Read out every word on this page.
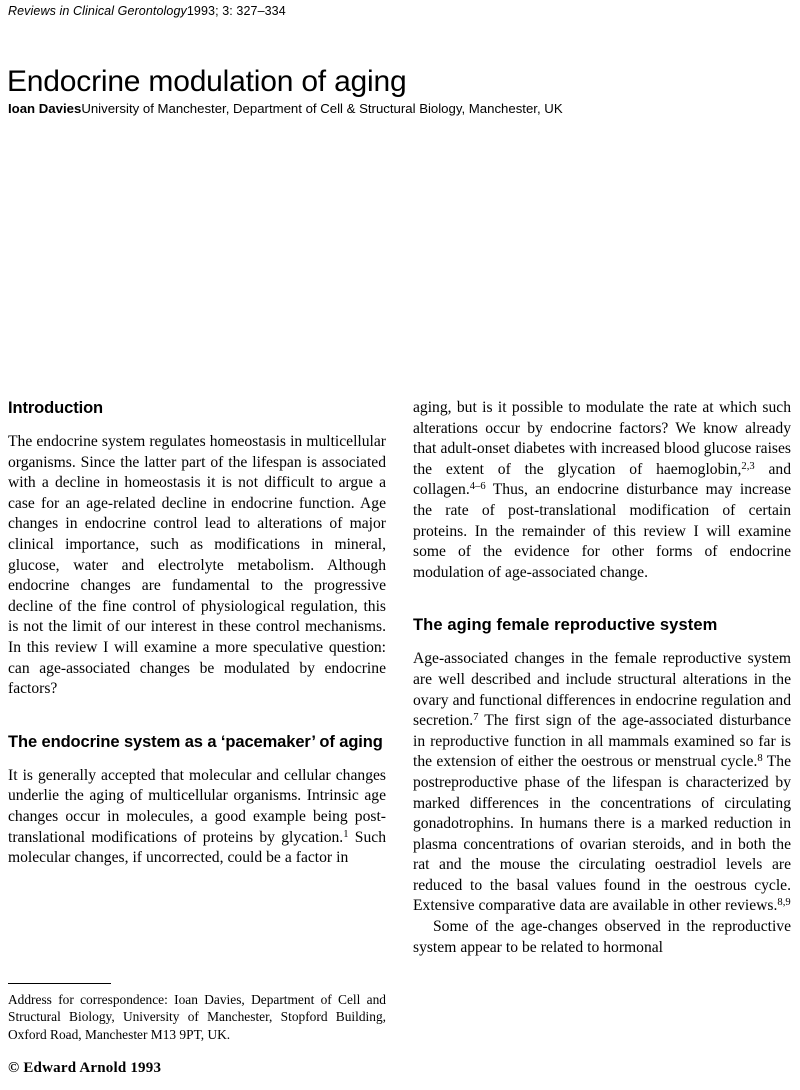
Reviews in Clinical Gerontology1993; 3: 327–334
Endocrine modulation of aging
Ioan DaviesUniversity of Manchester, Department of Cell & Structural Biology, Manchester, UK
Introduction

The endocrine system regulates homeostasis in multicellular organisms. Since the latter part of the lifespan is associated with a decline in homeostasis it is not difficult to argue a case for an age-related decline in endocrine function. Age changes in endocrine control lead to alterations of major clinical importance, such as modifications in mineral, glucose, water and electrolyte metabolism. Although endocrine changes are fundamental to the progressive decline of the fine control of physiological regulation, this is not the limit of our interest in these control mechanisms. In this review I will examine a more speculative question: can age-associated changes be modulated by endocrine factors?

The endocrine system as a ‘pacemaker’ of aging

It is generally accepted that molecular and cellular changes underlie the aging of multicellular organisms. Intrinsic age changes occur in molecules, a good example being post-translational modifications of proteins by glycation.$^1$ Such molecular changes, if uncorrected, could be a factor in

aging, but is it possible to modulate the rate at which such alterations occur by endocrine factors? We know already that adult-onset diabetes with increased blood glucose raises the extent of the glycation of haemoglobin,$^{2,3}$ and collagen.$^{4-6}$ Thus, an endocrine disturbance may increase the rate of post-translational modification of certain proteins. In the remainder of this review I will examine some of the evidence for other forms of endocrine modulation of age-associated change.

The aging female reproductive system

Age-associated changes in the female reproductive system are well described and include structural alterations in the ovary and functional differences in endocrine regulation and secretion.$^7$ The first sign of the age-associated disturbance in reproductive function in all mammals examined so far is the extension of either the oestrous or menstrual cycle.$^8$ The postreproductive phase of the lifespan is characterized by marked differences in the concentrations of circulating gonadotrophins. In humans there is a marked reduction in plasma concentrations of ovarian steroids, and in both the rat and the mouse the circulating oestradiol levels are reduced to the basal values found in the oestrous cycle. Extensive comparative data are available in other reviews.$^{8,9}$

Some of the age-changes observed in the reproductive system appear to be related to hormonal

Address for correspondence: Ioan Davies, Department of Cell and Structural Biology, University of Manchester, Stopford Building, Oxford Road, Manchester M13 9PT, UK.

© Edward Arnold 1993
